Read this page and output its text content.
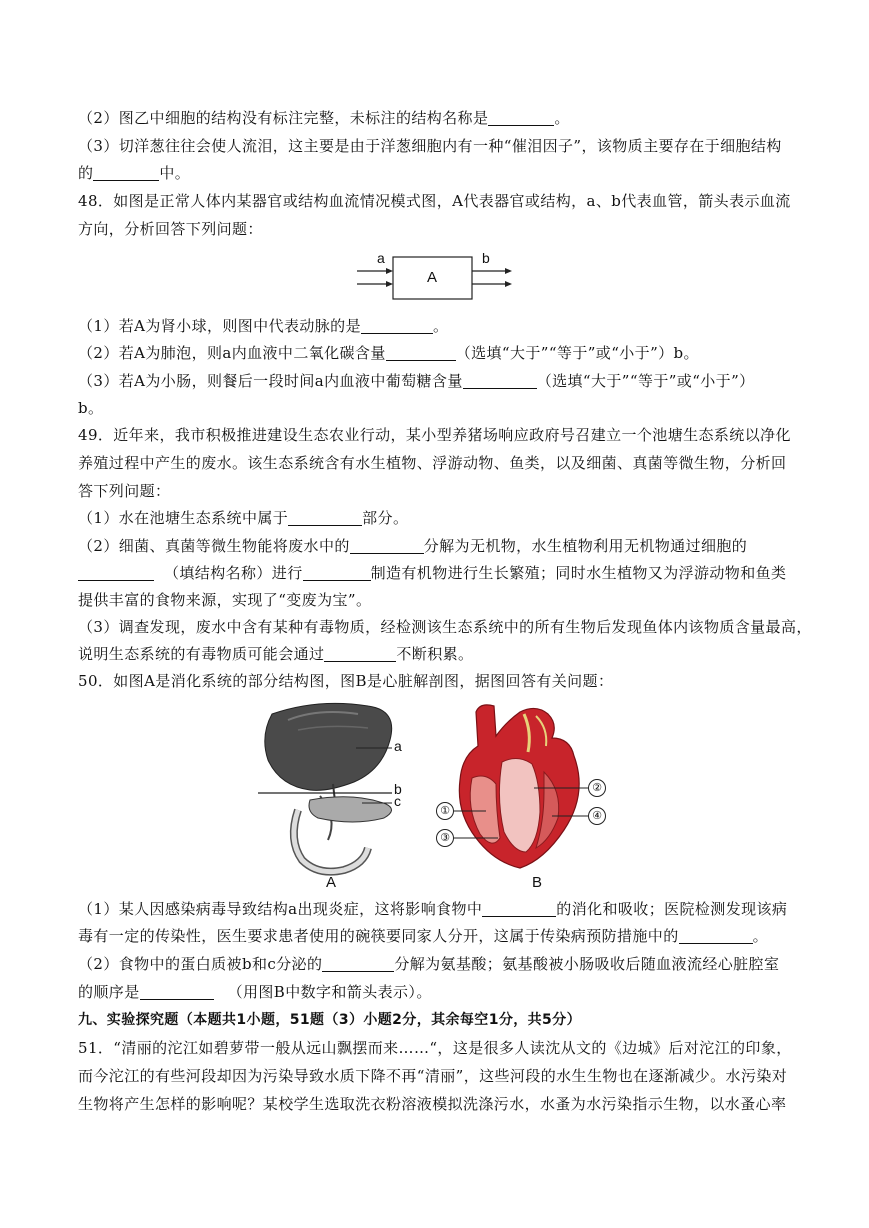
（2）图乙中细胞的结构没有标注完整，未标注的结构名称是	。
（3）切洋葱往往会使人流泪，这主要是由于洋葱细胞内有一种“催泪因子”，该物质主要存在于细胞结构
的	中。
48．如图是正常人体内某器官或结构血流情况模式图，A代表器官或结构，a、b代表血管，箭头表示血流
方向，分析回答下列问题：
a
A
b
（1）若A为肾小球，则图中代表动脉的是	。
（2）若A为肺泡，则a内血液中二氧化碳含量	（选填“大于”“等于”或“小于”）b。
（3）若A为小肠，则餐后一段时间a内血液中葡萄糖含量	（选填“大于”“等于”或“小于”）
b。
49．近年来，我市积极推进建设生态农业行动，某小型养猪场响应政府号召建立一个池塘生态系统以净化
养殖过程中产生的废水。该生态系统含有水生植物、浮游动物、鱼类，以及细菌、真菌等微生物，分析回
答下列问题：
（1）水在池塘生态系统中属于	部分。
（2）细菌、真菌等微生物能将废水中的	分解为无机物，水生植物利用无机物通过细胞的
（填结构名称）进行	制造有机物进行生长繁殖；同时水生植物又为浮游动物和鱼类
提供丰富的食物来源，实现了“变废为宝”。
（3）调查发现，废水中含有某种有毒物质，经检测该生态系统中的所有生物后发现鱼体内该物质含量最高，
说明生态系统的有毒物质可能会通过	不断积累。
50．如图A是消化系统的部分结构图，图B是心脏解剖图，据图回答有关问题：
a
b
c
A
②
④
①
③
B
（1）某人因感染病毒导致结构a出现炎症，这将影响食物中	的消化和吸收；医院检测发现该病
毒有一定的传染性，医生要求患者使用的碗筷要同家人分开，这属于传染病预防措施中的	。
（2）食物中的蛋白质被b和c分泌的	分解为氨基酸；氨基酸被小肠吸收后随血液流经心脏腔室
的顺序是	（用图B中数字和箭头表示）。
九、实验探究题（本题共1小题，51题（3）小题2分，其余每空1分，共5分）
51．“清丽的沱江如碧萝带一般从远山飘摆而来……“，这是很多人读沈从文的《边城》后对沱江的印象，
而今沱江的有些河段却因为污染导致水质下降不再“清丽”，这些河段的水生生物也在逐渐减少。水污染对
生物将产生怎样的影响呢？某校学生选取洗衣粉溶液模拟洗涤污水，水蚤为水污染指示生物，以水蚤心率
